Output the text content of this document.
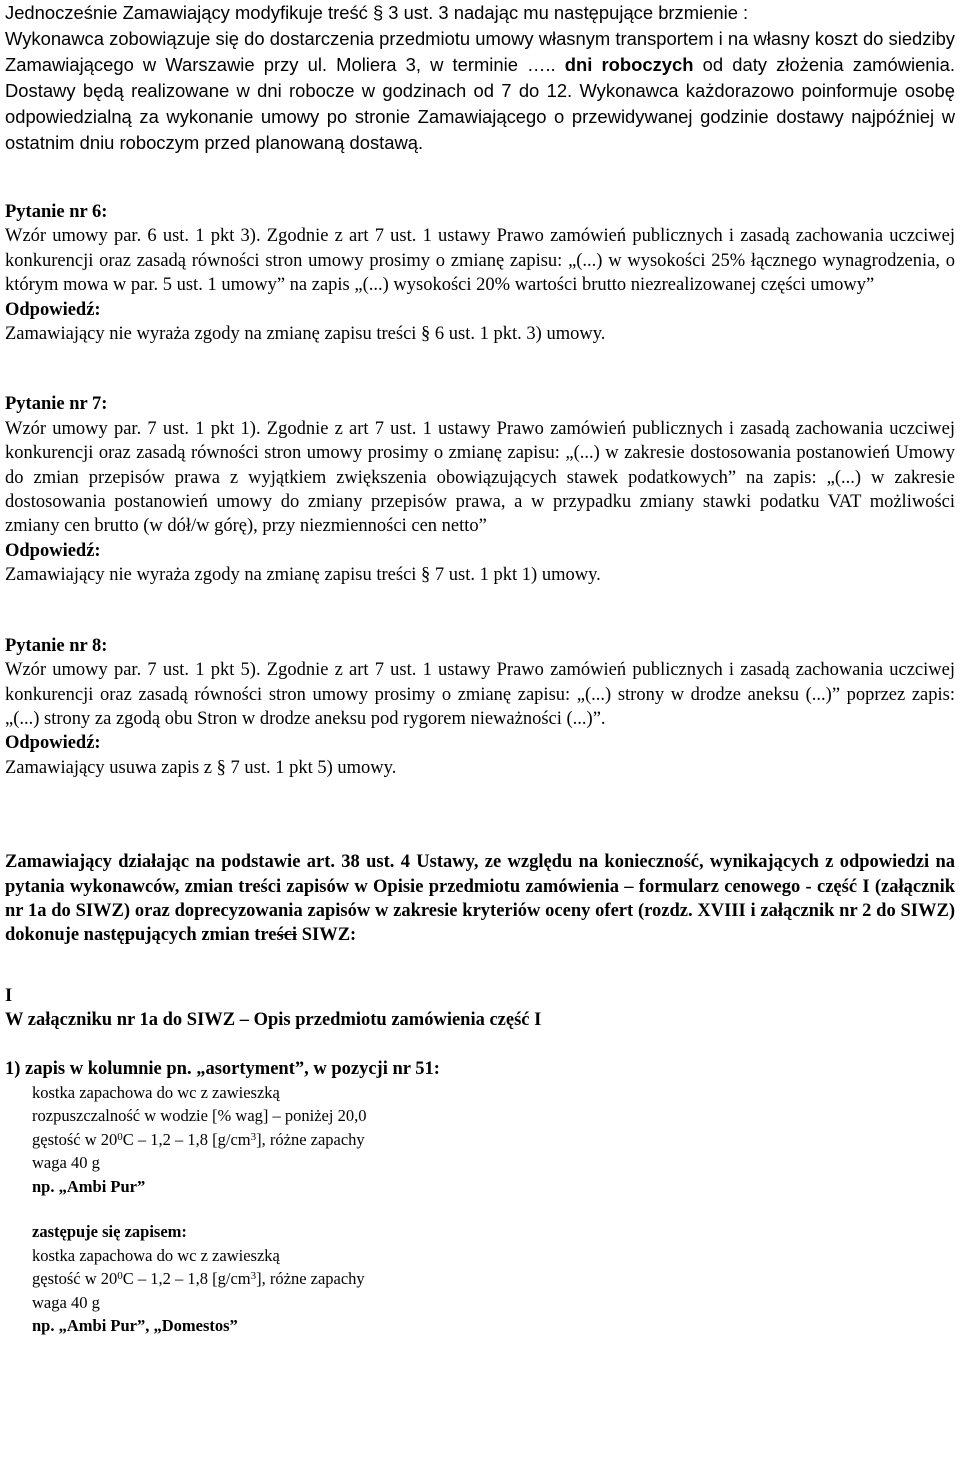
Jednocześnie Zamawiający modyfikuje treść § 3 ust. 3 nadając mu następujące brzmienie :

Wykonawca zobowiązuje się do dostarczenia przedmiotu umowy własnym transportem i na własny koszt do siedziby Zamawiającego w Warszawie przy ul. Moliera 3, w terminie ….. dni roboczych od daty złożenia zamówienia. Dostawy będą realizowane w dni robocze w godzinach od 7 do 12. Wykonawca każdorazowo poinformuje osobę odpowiedzialną za wykonanie umowy po stronie Zamawiającego o przewidywanej godzinie dostawy najpóźniej w ostatnim dniu roboczym przed planowaną dostawą.

Pytanie nr 6:

Wzór umowy par. 6 ust. 1 pkt 3). Zgodnie z art 7 ust. 1 ustawy Prawo zamówień publicznych i zasadą zachowania uczciwej konkurencji oraz zasadą równości stron umowy prosimy o zmianę zapisu: „(...) w wysokości 25% łącznego wynagrodzenia, o którym mowa w par. 5 ust. 1 umowy” na zapis „(...) wysokości 20% wartości brutto niezrealizowanej części umowy”

Odpowiedź:

Zamawiający nie wyraża zgody na zmianę zapisu treści § 6 ust. 1 pkt. 3) umowy.

Pytanie nr 7:

Wzór umowy par. 7 ust. 1 pkt 1). Zgodnie z art 7 ust. 1 ustawy Prawo zamówień publicznych i zasadą zachowania uczciwej konkurencji oraz zasadą równości stron umowy prosimy o zmianę zapisu: „(...) w zakresie dostosowania postanowień Umowy do zmian przepisów prawa z wyjątkiem zwiększenia obowiązujących stawek podatkowych” na zapis: „(...) w zakresie dostosowania postanowień umowy do zmiany przepisów prawa, a w przypadku zmiany stawki podatku VAT możliwości zmiany cen brutto (w dół/w górę), przy niezmienności cen netto”

Odpowiedź:

Zamawiający nie wyraża zgody na zmianę zapisu treści § 7 ust. 1 pkt 1) umowy.

Pytanie nr 8:

Wzór umowy par. 7 ust. 1 pkt 5). Zgodnie z art 7 ust. 1 ustawy Prawo zamówień publicznych i zasadą zachowania uczciwej konkurencji oraz zasadą równości stron umowy prosimy o zmianę zapisu: „(...) strony w drodze aneksu (...)” poprzez zapis: „(...) strony za zgodą obu Stron w drodze aneksu pod rygorem nieważności (...)”.

Odpowiedź:

Zamawiający usuwa zapis z § 7 ust. 1 pkt 5) umowy.

Zamawiający działając na podstawie art. 38 ust. 4 Ustawy, ze względu na konieczność, wynikających z odpowiedzi na pytania wykonawców, zmian treści zapisów w Opisie przedmiotu zamówienia – formularz cenowego - część I (załącznik nr 1a do SIWZ) oraz doprecyzowania zapisów w zakresie kryteriów oceny ofert (rozdz. XVIII i załącznik nr 2 do SIWZ) dokonuje następujących zmian treści SIWZ:

I
W załączniku nr 1a do SIWZ – Opis przedmiotu zamówienia część I
1) zapis w kolumnie pn. „asortyment”, w pozycji nr 51:
kostka zapachowa do wc z zawieszką
rozpuszczalność w wodzie [% wag] – poniżej 20,0
gęstość w $20^0C - 1,2 - 1,8$ $[g/cm^3]$, różne zapachy
waga 40 g
np. „Ambi Pur”
zastępuje się zapisem:
kostka zapachowa do wc z zawieszką
gęstość w $20^0C - 1,2 - 1,8$ $[g/cm^3]$, różne zapachy
waga 40 g
np. „Ambi Pur”, „Domestos”
